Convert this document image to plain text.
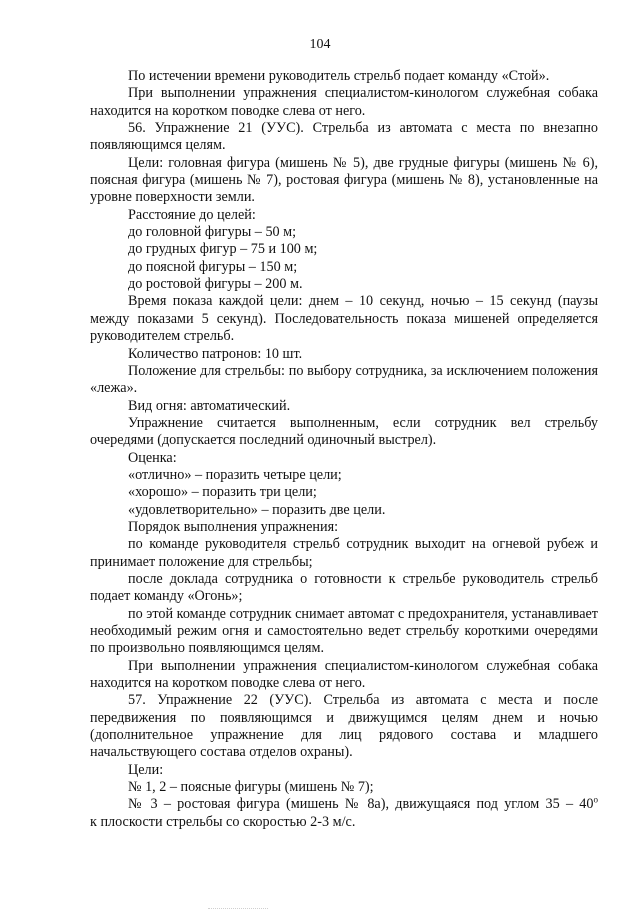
104

По истечении времени руководитель стрельб подает команду «Стой».

При выполнении упражнения специалистом-кинологом служебная собака находится на коротком поводке слева от него.

56. Упражнение 21 (УУС). Стрельба из автомата с места по внезапно появляющимся целям.

Цели: головная фигура (мишень № 5), две грудные фигуры (мишень № 6), поясная фигура (мишень № 7), ростовая фигура (мишень № 8), установленные на уровне поверхности земли.

Расстояние до целей:

до головной фигуры – 50 м;

до грудных фигур – 75 и 100 м;

до поясной фигуры – 150 м;

до ростовой фигуры – 200 м.

Время показа каждой цели: днем – 10 секунд, ночью – 15 секунд (паузы между показами 5 секунд). Последовательность показа мишеней определяется руководителем стрельб.

Количество патронов: 10 шт.

Положение для стрельбы: по выбору сотрудника, за исключением положения «лежа».

Вид огня: автоматический.

Упражнение считается выполненным, если сотрудник вел стрельбу очередями (допускается последний одиночный выстрел).

Оценка:

«отлично» – поразить четыре цели;

«хорошо» – поразить три цели;

«удовлетворительно» – поразить две цели.

Порядок выполнения упражнения:

по команде руководителя стрельб сотрудник выходит на огневой рубеж и принимает положение для стрельбы;

после доклада сотрудника о готовности к стрельбе руководитель стрельб подает команду «Огонь»;

по этой команде сотрудник снимает автомат с предохранителя, устанавливает необходимый режим огня и самостоятельно ведет стрельбу короткими очередями по произвольно появляющимся целям.

При выполнении упражнения специалистом-кинологом служебная собака находится на коротком поводке слева от него.

57. Упражнение 22 (УУС). Стрельба из автомата с места и после передвижения по появляющимся и движущимся целям днем и ночью (дополнительное упражнение для лиц рядового состава и младшего начальствующего состава отделов охраны).

Цели:

№ 1, 2 – поясные фигуры (мишень № 7);

№ 3 – ростовая фигура (мишень № 8а), движущаяся под углом 35 – 40$^o$

к плоскости стрельбы со скоростью 2-3 м/с.
